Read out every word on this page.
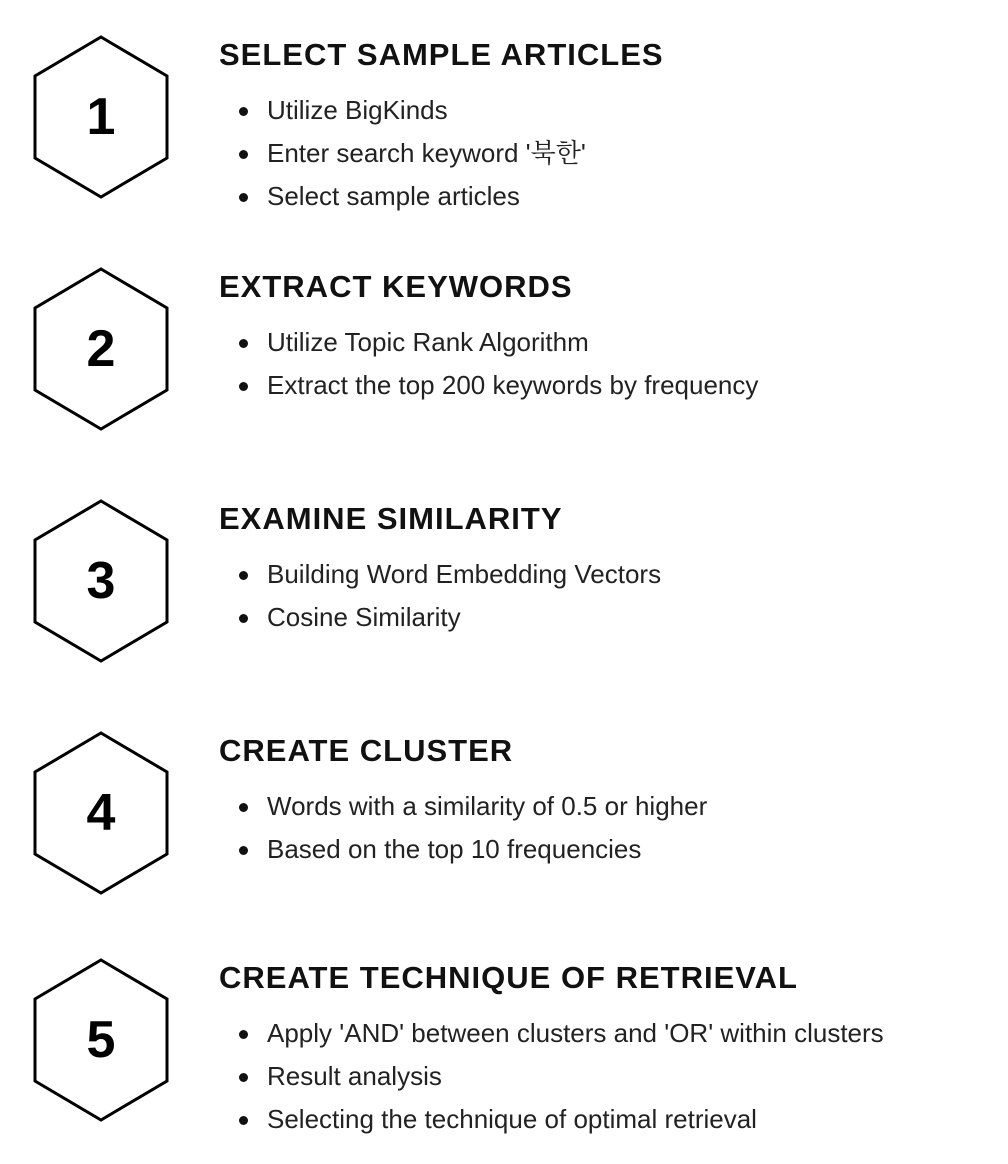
1
SELECT SAMPLE ARTICLES
Utilize BigKinds
Enter search keyword '북한'
Select sample articles
2
EXTRACT KEYWORDS
Utilize Topic Rank Algorithm
Extract the top 200 keywords by frequency
3
EXAMINE SIMILARITY
Building Word Embedding Vectors
Cosine Similarity
4
CREATE CLUSTER
Words with a similarity of 0.5 or higher
Based on the top 10 frequencies
5
CREATE TECHNIQUE OF RETRIEVAL
Apply 'AND' between clusters and 'OR' within clusters
Result analysis
Selecting the technique of optimal retrieval
